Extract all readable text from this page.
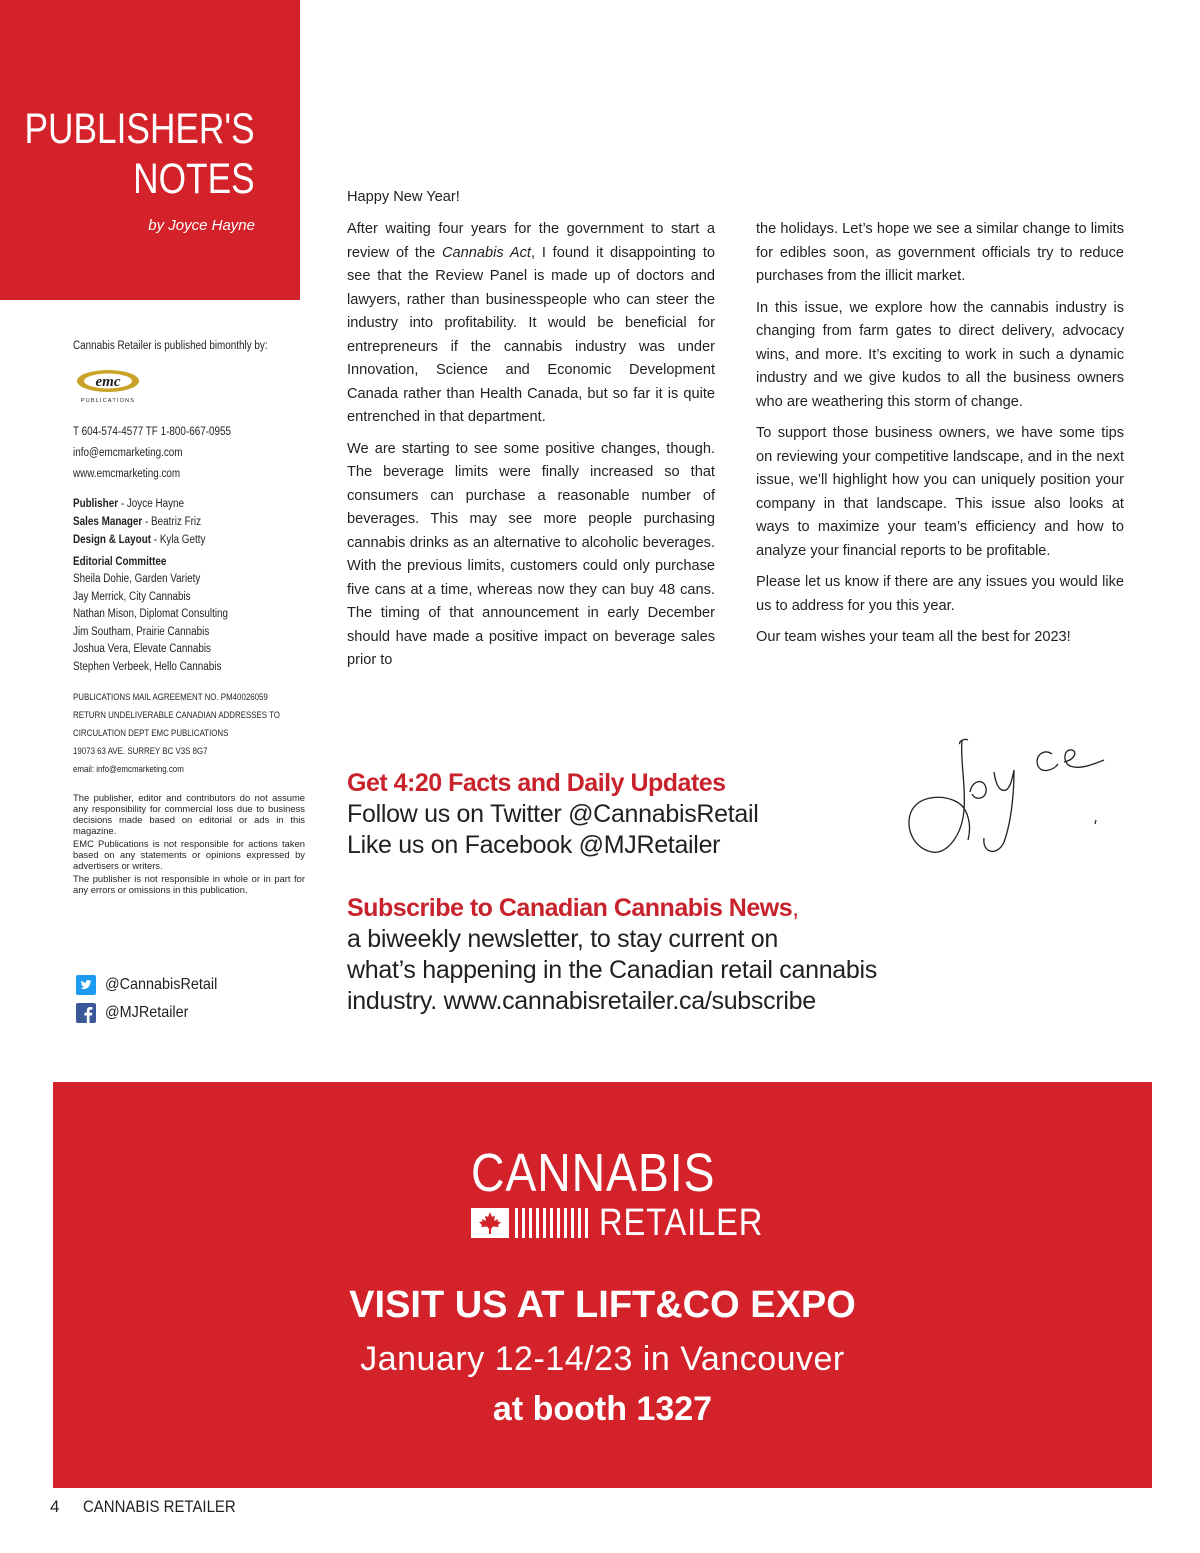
PUBLISHER'S
NOTES
by Joyce Hayne
Cannabis Retailer is published bimonthly by:
emc
PUBLICATIONS
T 604-574-4577 TF 1-800-667-0955
info@emcmarketing.com
www.emcmarketing.com
Publisher - Joyce Hayne
Sales Manager - Beatriz Friz
Design & Layout - Kyla Getty
Editorial Committee
Sheila Dohie, Garden Variety
Jay Merrick, City Cannabis
Nathan Mison, Diplomat Consulting
Jim Southam, Prairie Cannabis
Joshua Vera, Elevate Cannabis
Stephen Verbeek, Hello Cannabis
PUBLICATIONS MAIL AGREEMENT NO. PM40026059
RETURN UNDELIVERABLE CANADIAN ADDRESSES TO
CIRCULATION DEPT EMC PUBLICATIONS
19073 63 AVE. SURREY BC V3S 8G7
email: info@emcmarketing.com

The publisher, editor and contributors do not assume any responsibility for commercial loss due to business decisions made based on editorial or ads in this magazine.

EMC Publications is not responsible for actions taken based on any statements or opinions expressed by advertisers or writers.

The publisher is not responsible in whole or in part for any errors or omissions in this publication.

@CannabisRetail
@MJRetailer
Happy New Year!

After waiting four years for the government to start a review of the Cannabis Act, I found it disappointing to see that the Review Panel is made up of doctors and lawyers, rather than businesspeople who can steer the industry into profitability. It would be beneficial for entrepreneurs if the cannabis industry was under Innovation, Science and Economic Development Canada rather than Health Canada, but so far it is quite entrenched in that department.

We are starting to see some positive changes, though. The beverage limits were finally increased so that consumers can purchase a reasonable number of beverages. This may see more people purchasing cannabis drinks as an alternative to alcoholic beverages. With the previous limits, customers could only purchase five cans at a time, whereas now they can buy 48 cans. The timing of that announcement in early December should have made a positive impact on beverage sales prior to

the holidays. Let’s hope we see a similar change to limits for edibles soon, as government officials try to reduce purchases from the illicit market.

In this issue, we explore how the cannabis industry is changing from farm gates to direct delivery, advocacy wins, and more. It’s exciting to work in such a dynamic industry and we give kudos to all the business owners who are weathering this storm of change.

To support those business owners, we have some tips on reviewing your competitive landscape, and in the next issue, we’ll highlight how you can uniquely position your company in that landscape. This issue also looks at ways to maximize your team’s efficiency and how to analyze your financial reports to be profitable.

Please let us know if there are any issues you would like us to address for you this year.

Our team wishes your team all the best for 2023!

Get 4:20 Facts and Daily Updates
Follow us on Twitter @CannabisRetail
Like us on Facebook @MJRetailer
Subscribe to Canadian Cannabis News,
a biweekly newsletter, to stay current on
what’s happening in the Canadian retail cannabis
industry. www.cannabisretailer.ca/subscribe
CANNABIS
RETAILER
VISIT US AT LIFT&CO EXPO
January 12-14/23 in Vancouver
at booth 1327
4 CANNABIS RETAILER
